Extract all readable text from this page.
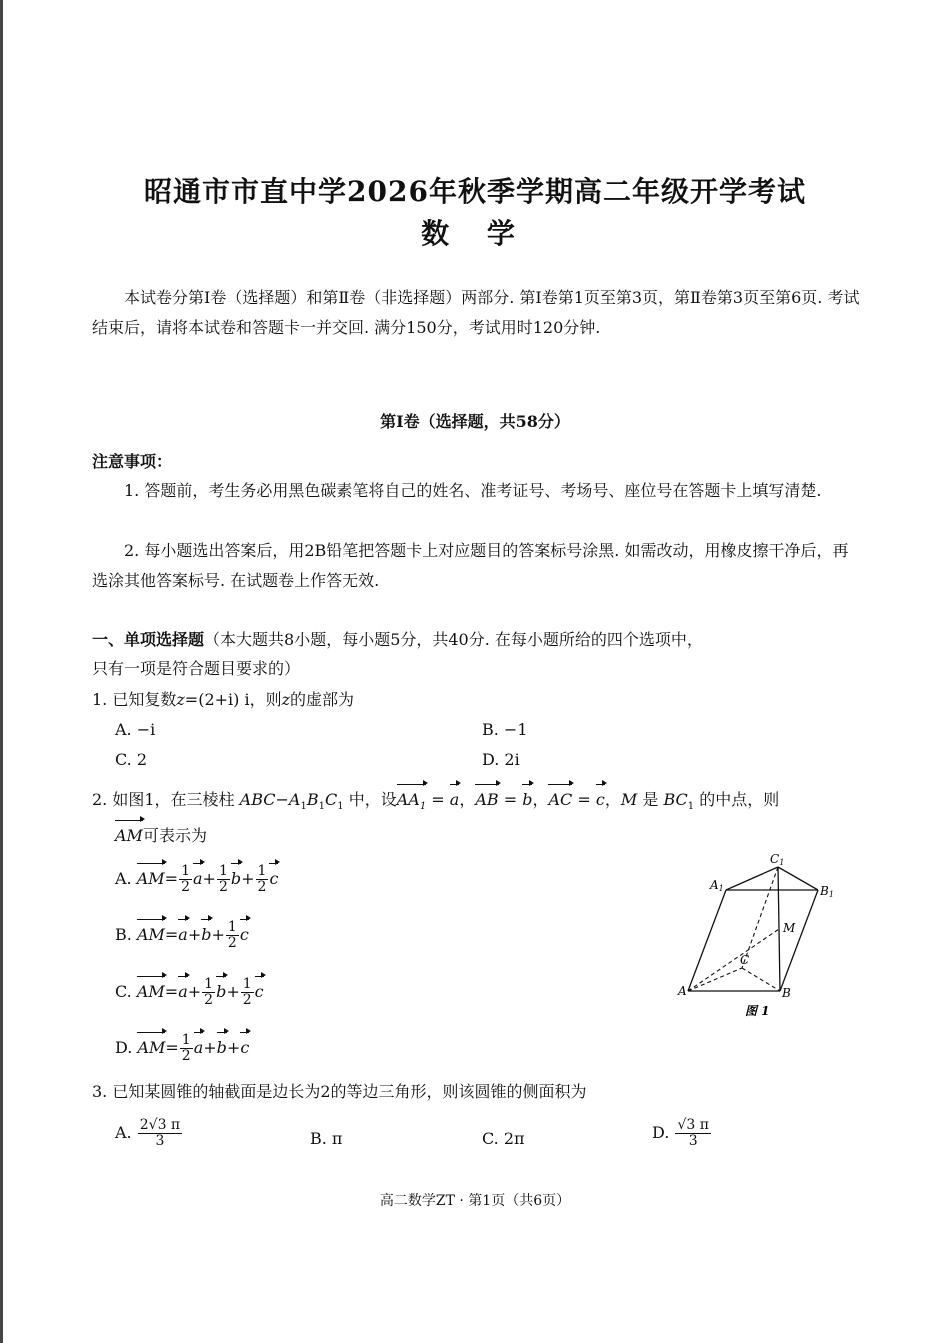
昭通市市直中学2026年秋季学期高二年级开学考试
数 学
本试卷分第Ⅰ卷（选择题）和第Ⅱ卷（非选择题）两部分. 第Ⅰ卷第1页至第3页，第Ⅱ卷第3页至第6页. 考试结束后，请将本试卷和答题卡一并交回. 满分150分，考试用时120分钟.
第Ⅰ卷（选择题，共58分）
注意事项：
1. 答题前，考生务必用黑色碳素笔将自己的姓名、准考证号、考场号、座位号在答题卡上填写清楚.
2. 每小题选出答案后，用2B铅笔把答题卡上对应题目的答案标号涂黑. 如需改动，用橡皮擦干净后，再选涂其他答案标号. 在试题卷上作答无效.
一、单项选择题（本大题共8小题，每小题5分，共40分. 在每小题所给的四个选项中，
只有一项是符合题目要求的）
1. 已知复数z=(2+i) i，则z的虚部为
A. −i	B. −1
C. 2	D. 2i
2. 如图1，在三棱柱 $ABC-A_1B_1C_1$ 中，设$AA_1 = a$，AB = b，AC = c，M 是 $BC_1$ 的中点，则
AM可表示为
A. $AM= \frac{1}{2} a+ \frac{1}{2} b+ \frac{1}{2}$ c
B. $AM=a+b+ \frac{1}{2}$ c
C. $AM=a+ \frac{1}{2} b+ \frac{1}{2}$ c
D. $AM= \frac{1}{2} a+b+c$
C1
A1	B1
M
C
A	B
图 1
3. 已知某圆锥的轴截面是边长为2的等边三角形，则该圆锥的侧面积为
A. $\frac{2√3 \pi}{3}$	B. π	C. 2π	D. $\frac{√3 \pi}{3}$
高二数学ZT · 第1页（共6页）
